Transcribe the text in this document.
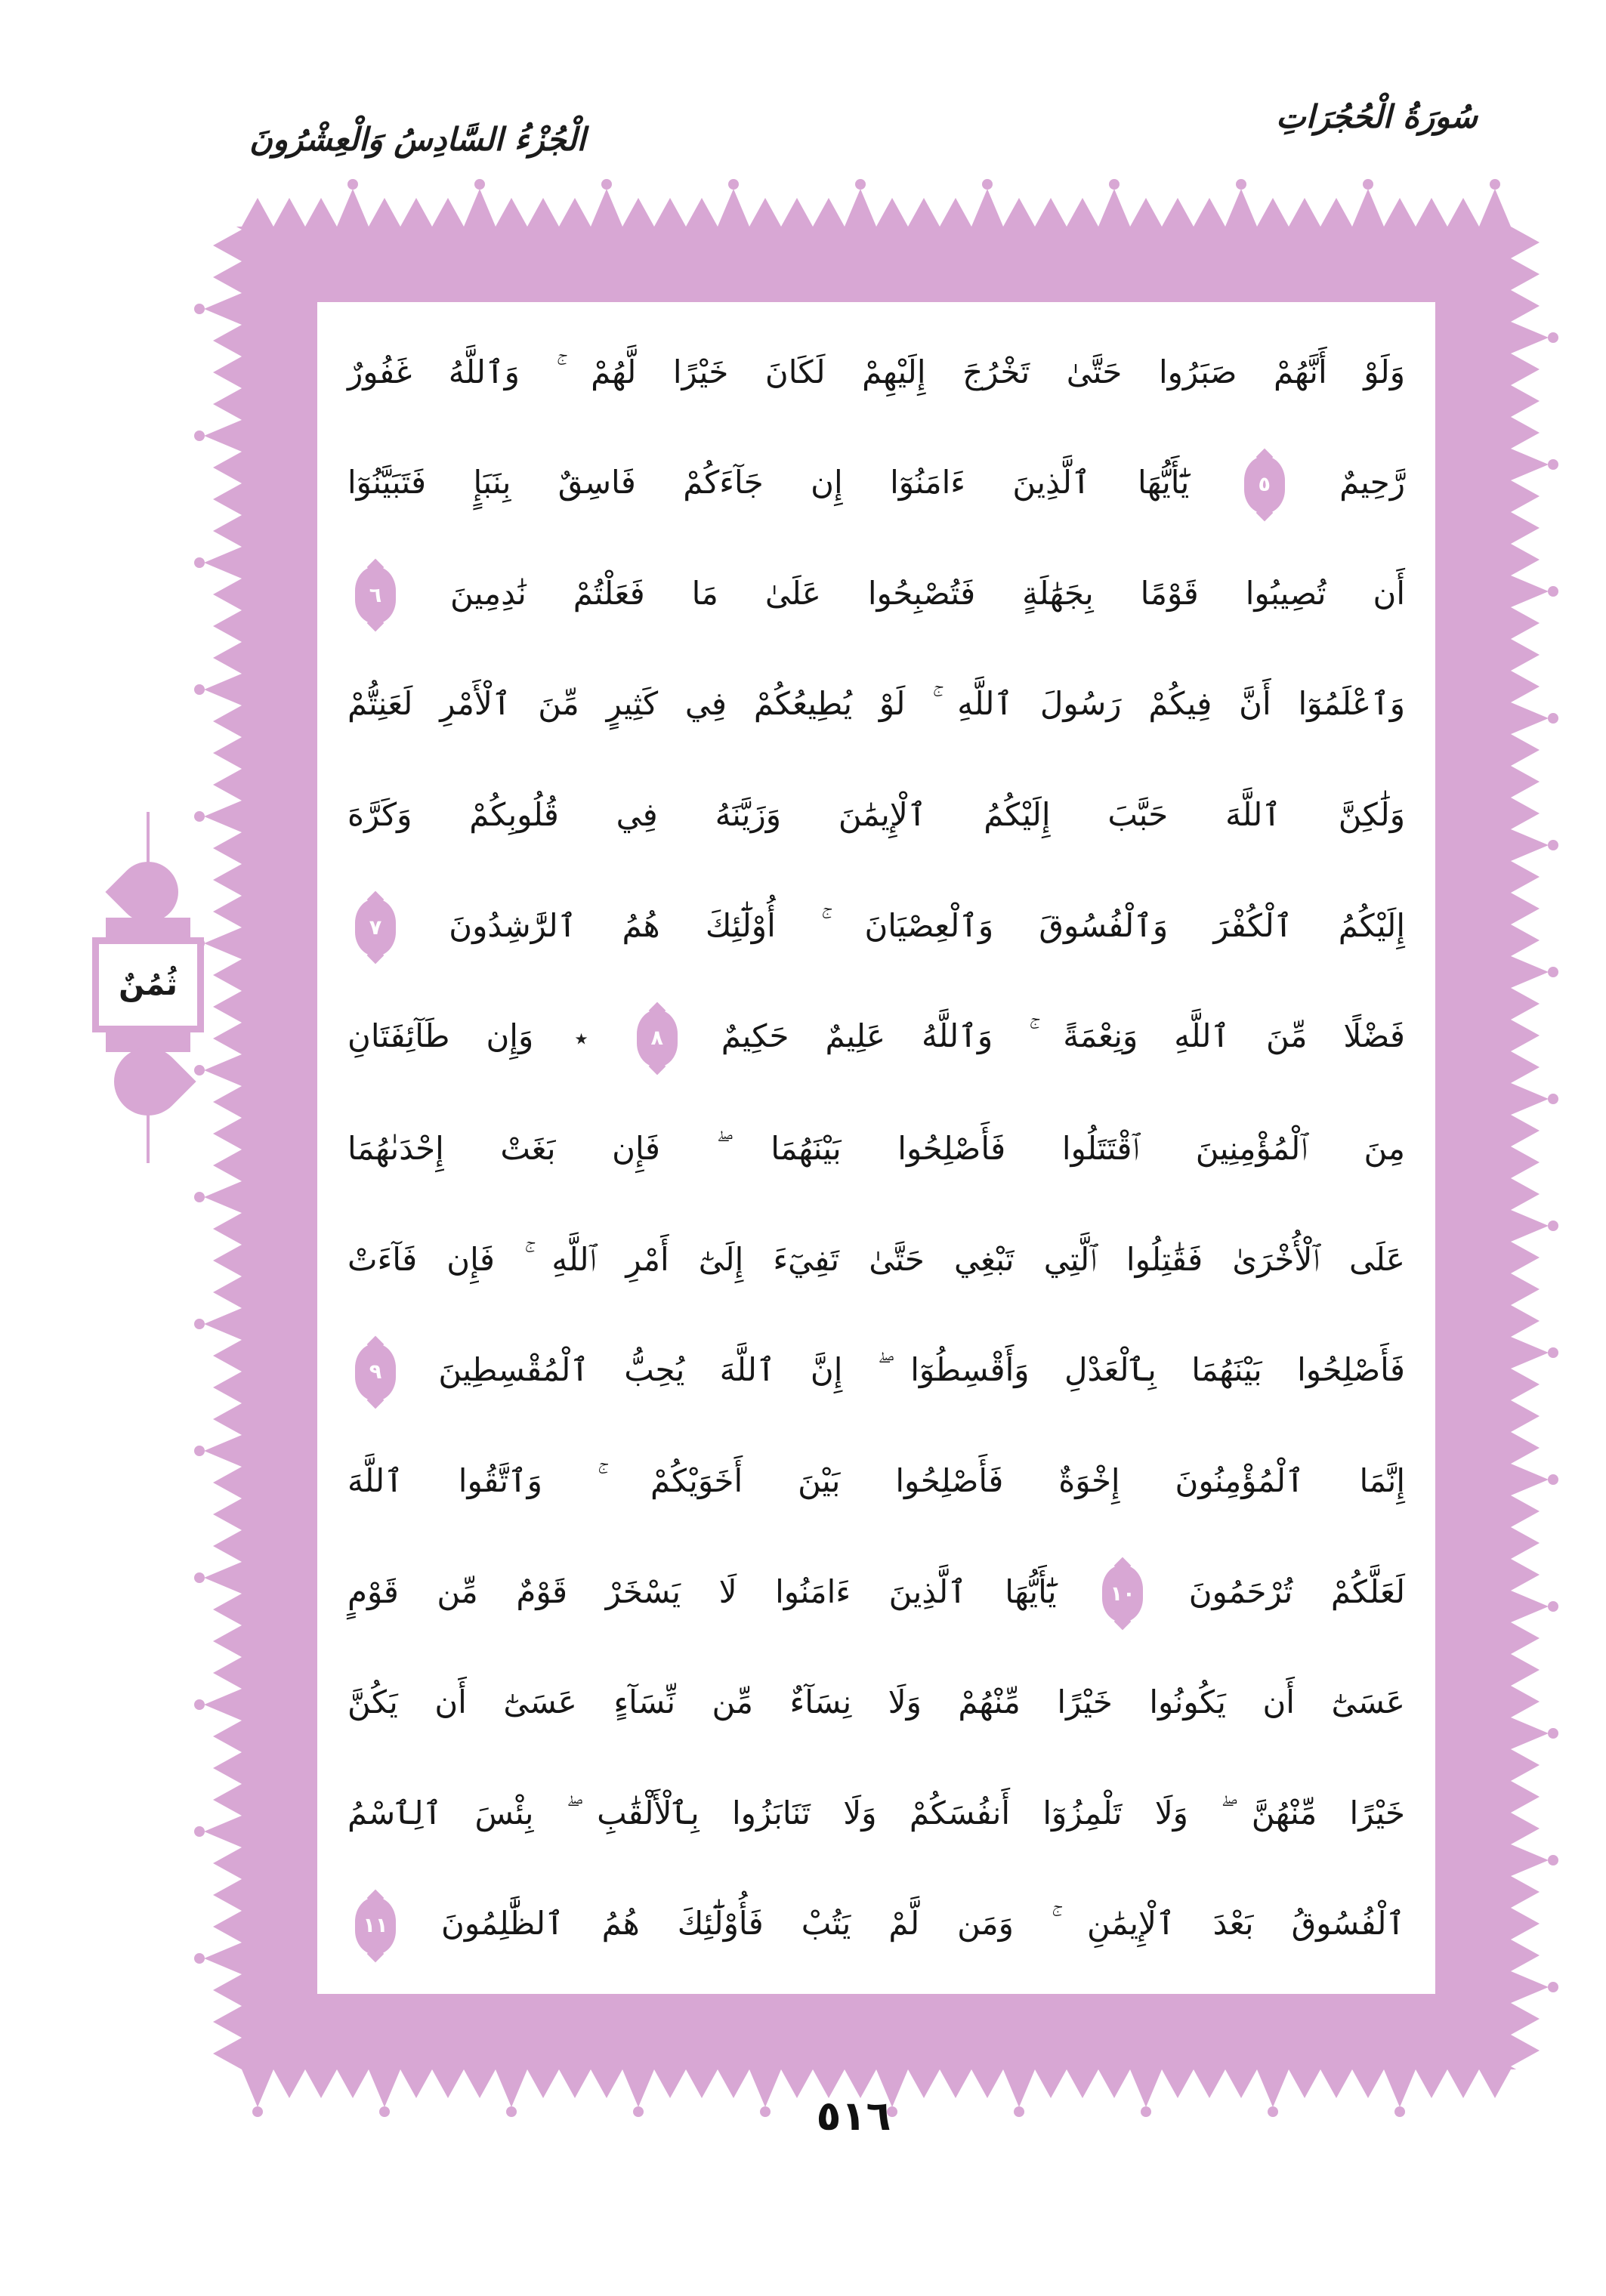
سُورَةُ الْحُجُرَاتِ
الْجُزْءُ السَّادِسُ وَالْعِشْرُونَ
وَلَوْ أَنَّهُمْ صَبَرُوا حَتَّىٰ تَخْرُجَ إِلَيْهِمْ لَكَانَ خَيْرًا لَّهُمْ ۚ وَٱللَّهُ غَفُورٌ
رَّحِيمٌ ٥ يَٰٓأَيُّهَا ٱلَّذِينَ ءَامَنُوٓا إِن جَآءَكُمْ فَاسِقٌ بِنَبَإٍ فَتَبَيَّنُوٓا
أَن تُصِيبُوا قَوْمًا بِجَهَٰلَةٍ فَتُصْبِحُوا عَلَىٰ مَا فَعَلْتُمْ نَٰدِمِينَ ٦
وَٱعْلَمُوٓا أَنَّ فِيكُمْ رَسُولَ ٱللَّهِ ۚ لَوْ يُطِيعُكُمْ فِي كَثِيرٍ مِّنَ ٱلْأَمْرِ لَعَنِتُّمْ
وَلَٰكِنَّ ٱللَّهَ حَبَّبَ إِلَيْكُمُ ٱلْإِيمَٰنَ وَزَيَّنَهُ فِي قُلُوبِكُمْ وَكَرَّهَ
إِلَيْكُمُ ٱلْكُفْرَ وَٱلْفُسُوقَ وَٱلْعِصْيَانَ ۚ أُوْلَٰٓئِكَ هُمُ ٱلرَّٰشِدُونَ ٧
فَضْلًا مِّنَ ٱللَّهِ وَنِعْمَةً ۚ وَٱللَّهُ عَلِيمٌ حَكِيمٌ ٨ ٭ وَإِن طَآئِفَتَانِ
مِنَ ٱلْمُؤْمِنِينَ ٱقْتَتَلُوا فَأَصْلِحُوا بَيْنَهُمَا ۖ فَإِن بَغَتْ إِحْدَىٰهُمَا
عَلَى ٱلْأُخْرَىٰ فَقَٰتِلُوا ٱلَّتِي تَبْغِي حَتَّىٰ تَفِيٓءَ إِلَىٰٓ أَمْرِ ٱللَّهِ ۚ فَإِن فَآءَتْ
فَأَصْلِحُوا بَيْنَهُمَا بِٱلْعَدْلِ وَأَقْسِطُوٓا ۖ إِنَّ ٱللَّهَ يُحِبُّ ٱلْمُقْسِطِينَ ٩
إِنَّمَا ٱلْمُؤْمِنُونَ إِخْوَةٌ فَأَصْلِحُوا بَيْنَ أَخَوَيْكُمْ ۚ وَٱتَّقُوا ٱللَّهَ
لَعَلَّكُمْ تُرْحَمُونَ ١٠ يَٰٓأَيُّهَا ٱلَّذِينَ ءَامَنُوا لَا يَسْخَرْ قَوْمٌ مِّن قَوْمٍ
عَسَىٰٓ أَن يَكُونُوا خَيْرًا مِّنْهُمْ وَلَا نِسَآءٌ مِّن نِّسَآءٍ عَسَىٰٓ أَن يَكُنَّ
خَيْرًا مِّنْهُنَّ ۖ وَلَا تَلْمِزُوٓا أَنفُسَكُمْ وَلَا تَنَابَزُوا بِٱلْأَلْقَٰبِ ۖ بِئْسَ ٱلِٱسْمُ
ٱلْفُسُوقُ بَعْدَ ٱلْإِيمَٰنِ ۚ وَمَن لَّمْ يَتُبْ فَأُوْلَٰٓئِكَ هُمُ ٱلظَّٰلِمُونَ ١١
ثُمُنٌ
٥١٦
